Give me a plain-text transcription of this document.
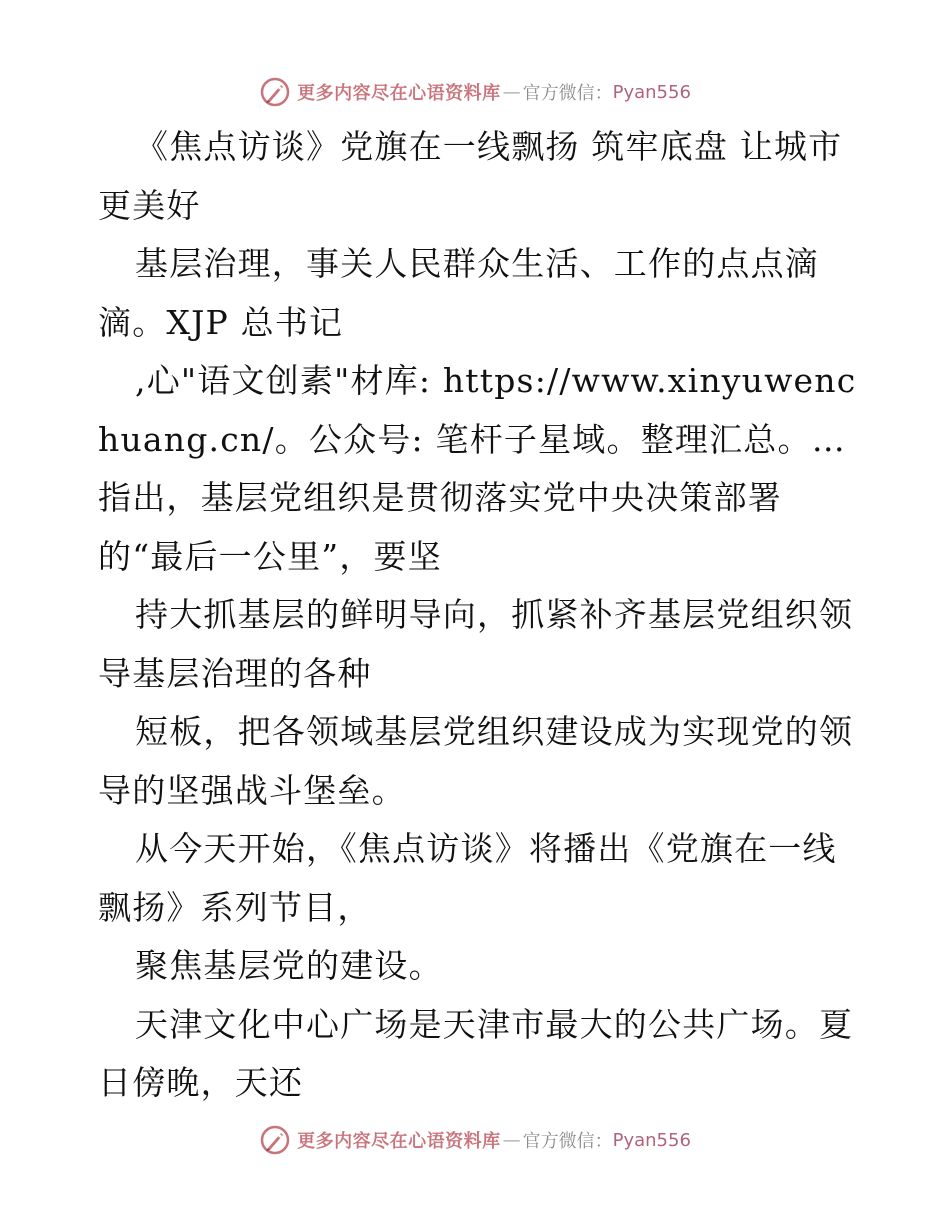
更多内容尽在心语资料库 — 官方微信： Pyan556

《焦点访谈》党旗在一线飘扬 筑牢底盘 让城市更美好

基层治理，事关人民群众生活、工作的点点滴滴。XJP 总书记

,心"语文创素"材库: https://www.xinyuwenchuang.cn/。公众号: 笔杆子星域。整理汇总。…指出，基层党组织是贯彻落实党中央决策部署的“最后一公里”，要坚

持大抓基层的鲜明导向，抓紧补齐基层党组织领导基层治理的各种

短板，把各领域基层党组织建设成为实现党的领导的坚强战斗堡垒。

从今天开始，《焦点访谈》将播出《党旗在一线飘扬》系列节目，

聚焦基层党的建设。

天津文化中心广场是天津市最大的公共广场。夏日傍晚，天还

更多内容尽在心语资料库 — 官方微信： Pyan556
